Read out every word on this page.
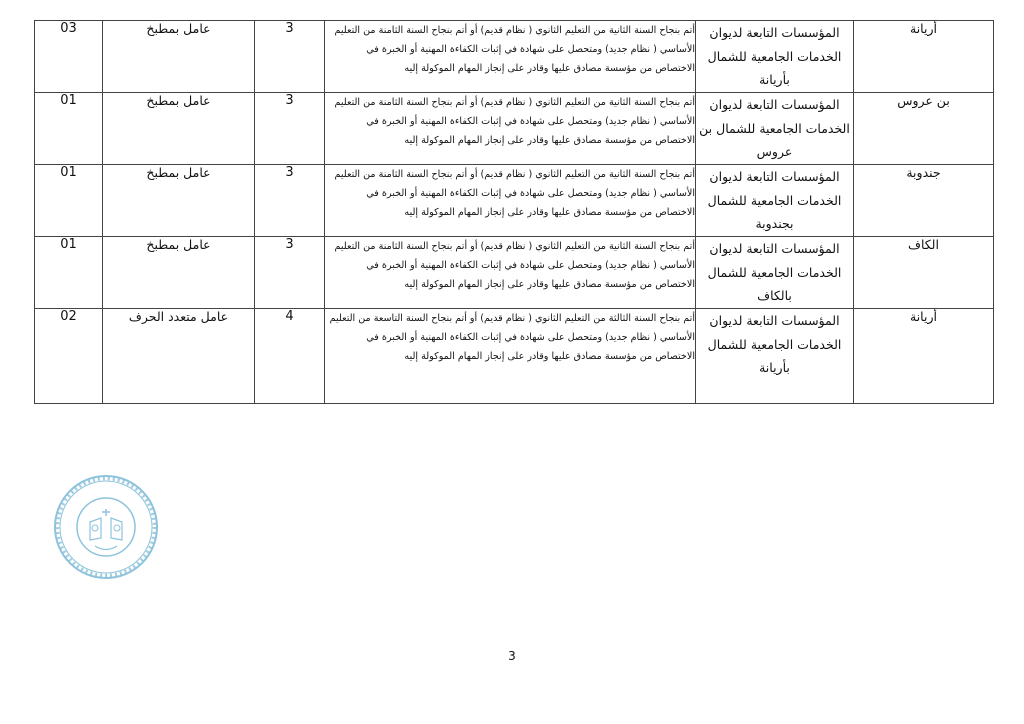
03	عامل بمطبخ	3	أتم بنجاح السنة الثانية من التعليم الثانوي ( نظام قديم) أو أتم بنجاح السنة الثامنة من التعليم الأساسي ( نظام جديد) ومتحصل على شهادة في إثبات الكفاءة المهنية أو الخبرة في الاختصاص من مؤسسة مصادق عليها وقادر على إنجاز المهام الموكولة إليه	المؤسسات التابعة لديوان الخدمات الجامعية للشمال بأريانة	أريانة
01	عامل بمطبخ	3	أتم بنجاح السنة الثانية من التعليم الثانوي ( نظام قديم) أو أتم بنجاح السنة الثامنة من التعليم الأساسي ( نظام جديد) ومتحصل على شهادة في إثبات الكفاءة المهنية أو الخبرة في الاختصاص من مؤسسة مصادق عليها وقادر على إنجاز المهام الموكولة إليه	المؤسسات التابعة لديوان الخدمات الجامعية للشمال بن عروس	بن عروس
01	عامل بمطبخ	3	أتم بنجاح السنة الثانية من التعليم الثانوي ( نظام قديم) أو أتم بنجاح السنة الثامنة من التعليم الأساسي ( نظام جديد) ومتحصل على شهادة في إثبات الكفاءة المهنية أو الخبرة في الاختصاص من مؤسسة مصادق عليها وقادر على إنجاز المهام الموكولة إليه	المؤسسات التابعة لديوان الخدمات الجامعية للشمال بجندوبة	جندوبة
01	عامل بمطبخ	3	أتم بنجاح السنة الثانية من التعليم الثانوي ( نظام قديم) أو أتم بنجاح السنة الثامنة من التعليم الأساسي ( نظام جديد) ومتحصل على شهادة في إثبات الكفاءة المهنية أو الخبرة في الاختصاص من مؤسسة مصادق عليها وقادر على إنجاز المهام الموكولة إليه	المؤسسات التابعة لديوان الخدمات الجامعية للشمال بالكاف	الكاف
02	عامل متعدد الحرف	4	أتم بنجاح السنة الثالثة من التعليم الثانوي ( نظام قديم) أو أتم بنجاح السنة التاسعة من التعليم الأساسي ( نظام جديد) ومتحصل على شهادة في إثبات الكفاءة المهنية أو الخبرة في الاختصاص من مؤسسة مصادق عليها وقادر على إنجاز المهام الموكولة إليه	المؤسسات التابعة لديوان الخدمات الجامعية للشمال بأريانة	أريانة
3
